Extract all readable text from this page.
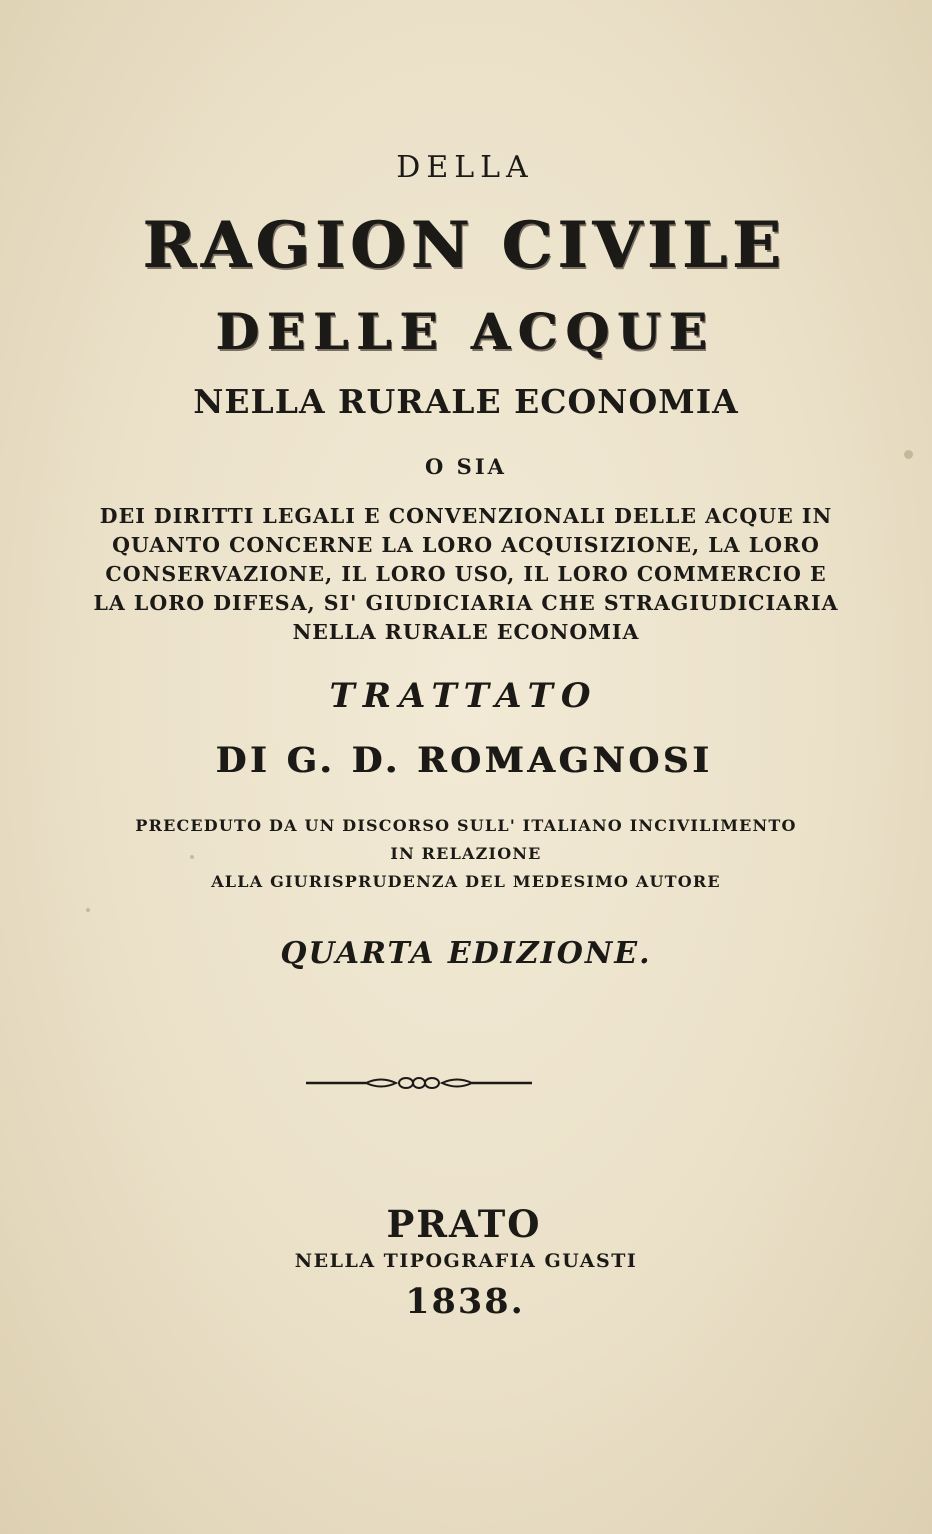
DELLA
RAGION CIVILE
DELLE ACQUE
NELLA RURALE ECONOMIA
O SIA
DEI DIRITTI LEGALI E CONVENZIONALI DELLE ACQUE IN
QUANTO CONCERNE LA LORO ACQUISIZIONE, LA LORO
CONSERVAZIONE, IL LORO USO, IL LORO COMMERCIO E
LA LORO DIFESA, SI' GIUDICIARIA CHE STRAGIUDICIARIA
NELLA RURALE ECONOMIA
TRATTATO
DI G. D. ROMAGNOSI
PRECEDUTO DA UN DISCORSO SULL' ITALIANO INCIVILIMENTO
IN RELAZIONE
ALLA GIURISPRUDENZA DEL MEDESIMO AUTORE
QUARTA EDIZIONE.
PRATO
NELLA TIPOGRAFIA GUASTI
1838.
